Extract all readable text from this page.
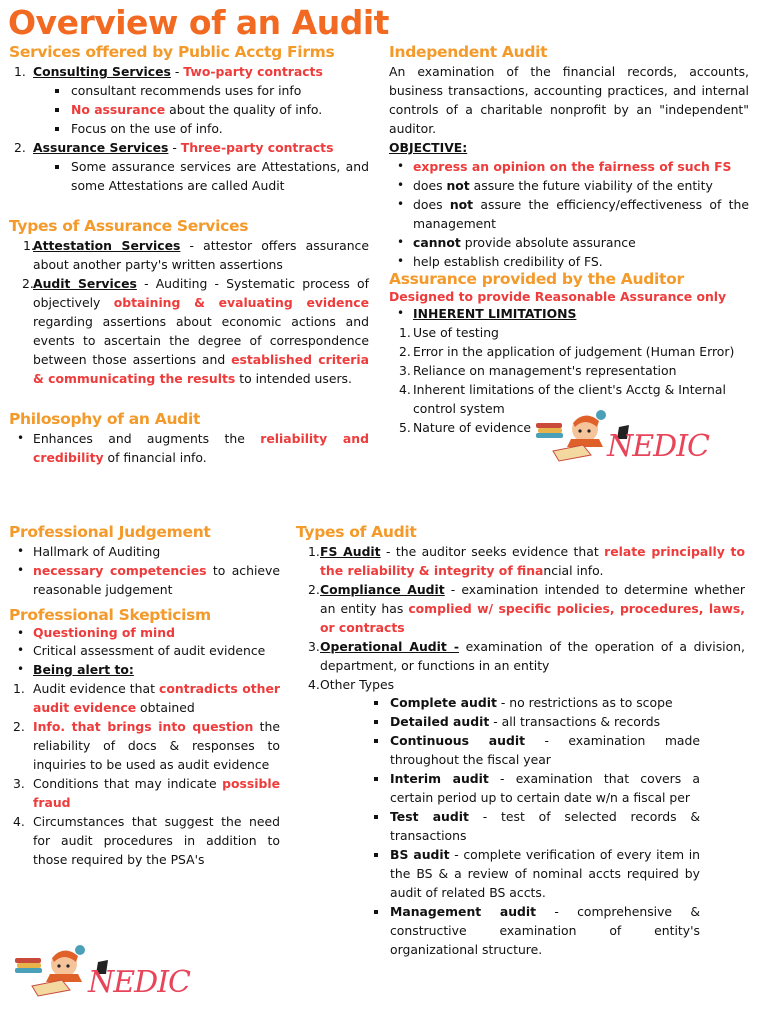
Overview of an Audit
Services offered by Public Acctg Firms
1. Consulting Services - Two-party contracts
consultant recommends uses for info
No assurance about the quality of info.
Focus on the use of info.
2. Assurance Services - Three-party contracts
Some assurance services are Attestations, and some Attestations are called Audit
Types of Assurance Services
1.
Attestation Services - attestor offers assurance about another party's written assertions
2. Audit Services - Auditing - Systematic process of objectively obtaining & evaluating evidence regarding assertions about economic actions and events to ascertain the degree of correspondence between those assertions and established criteria & communicating the results to intended users.
Philosophy of an Audit
• Enhances and augments the reliability and credibility of financial info.
Independent Audit
An examination of the financial records, accounts, business transactions, accounting practices, and internal controls of a charitable nonprofit by an "independent" auditor.
OBJECTIVE:
• express an opinion on the fairness of such FS
• does not assure the future viability of the entity
• does not assure the efficiency/effectiveness of the management
• cannot provide absolute assurance
• help establish credibility of FS.
Assurance provided by the Auditor
Designed to provide Reasonable Assurance only
• INHERENT LIMITATIONS
1. Use of testing
2. Error in the application of judgement (Human Error)
3. Reliance on management's representation
4. Inherent limitations of the client's Acctg & Internal control system
5. Nature of evidence
NEDIC
Professional Judgement
• Hallmark of Auditing
• necessary competencies to achieve reasonable judgement
Professional Skepticism
• Questioning of mind
• Critical assessment of audit evidence
• Being alert to:
1. Audit evidence that contradicts other audit evidence obtained
2. Info. that brings into question the reliability of docs & responses to inquiries to be used as audit evidence
3. Conditions that may indicate possible fraud
4. Circumstances that suggest the need for audit procedures in addition to those required by the PSA's
Types of Audit
1. FS Audit - the auditor seeks evidence that relate principally to the reliability & integrity of financial info.
2. Compliance Audit - examination intended to determine whether an entity has complied w/ specific policies, procedures, laws, or contracts
3. Operational Audit - examination of the operation of a division, department, or functions in an entity
4. Other Types
Complete audit - no restrictions as to scope
Detailed audit - all transactions & records
Continuous audit - examination made throughout the fiscal year
Interim audit - examination that covers a certain period up to certain date w/n a fiscal per
Test audit - test of selected records & transactions
BS audit - complete verification of every item in the BS & a review of nominal accts required by audit of related BS accts.
Management audit - comprehensive & constructive examination of entity's organizational structure.
NEDIC
